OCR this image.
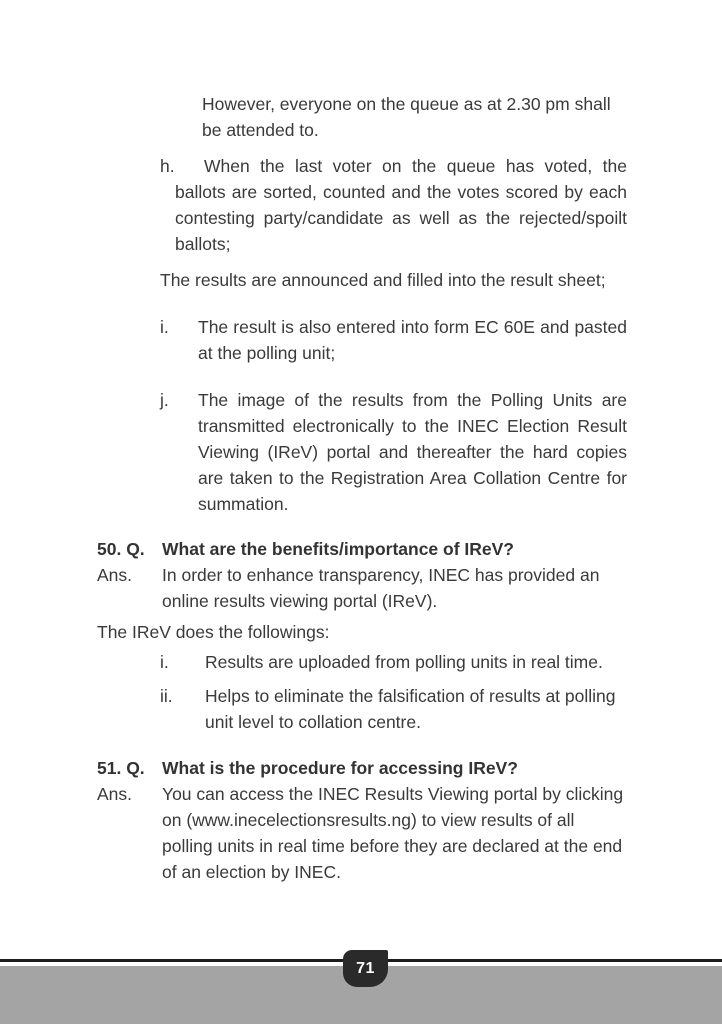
However, everyone on the queue as at 2.30 pm shall be attended to.

h.	When the last voter on the queue has voted, the ballots are sorted, counted and the votes scored by each contesting party/candidate as well as the rejected/spoilt ballots;

The results are announced and filled into the result sheet;

i.	The result is also entered into form EC 60E and pasted at the polling unit;

j.	The image of the results from the Polling Units are transmitted electronically to the INEC Election Result Viewing (IReV) portal and thereafter the hard copies are taken to the Registration Area Collation Centre for summation.

50. Q. What are the benefits/importance of IReV?
Ans.	In order to enhance transparency, INEC has provided an online results viewing portal (IReV).

The IReV does the followings:

i.	Results are uploaded from polling units in real time.

ii.	Helps to eliminate the falsification of results at polling unit level to collation centre.

51. Q. What is the procedure for accessing IReV?
Ans.	You can access the INEC Results Viewing portal by clicking on (www.inecelectionsresults.ng) to view results of all polling units in real time before they are declared at the end of an election by INEC.

71
